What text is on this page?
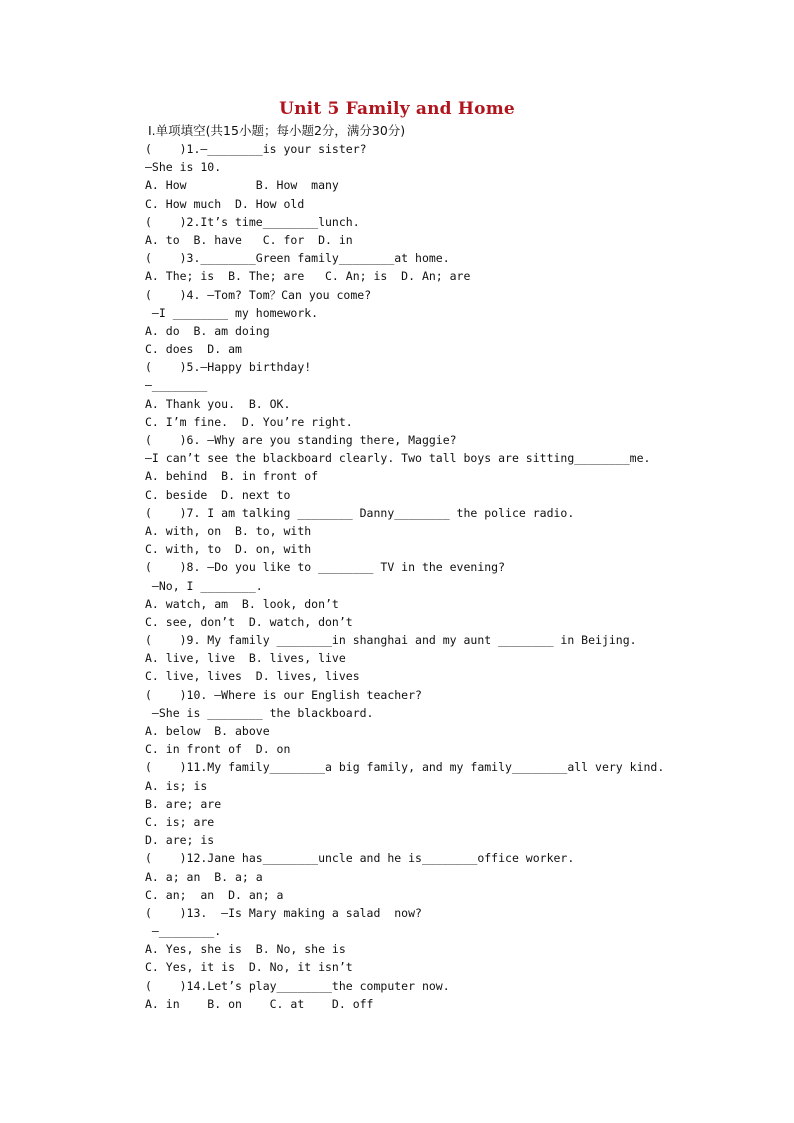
Unit 5 Family and Home
Ⅰ.单项填空(共15小题；每小题2分，满分30分)
(    )1.—________is your sister?
—She is 10.
A. How          B. How  many
C. How much  D. How old
(    )2.It’s time________lunch.
A. to  B. have   C. for  D. in
(    )3.________Green family________at home.
A. The; is  B. The; are   C. An; is  D. An; are
(    )4. —Tom? Tom？Can you come?
—I ________ my homework.
A. do  B. am doing
C. does  D. am
(    )5.—Happy birthday!
—________
A. Thank you.  B. OK.
C. I’m fine.  D. You’re right.
(    )6. —Why are you standing there, Maggie?
—I can’t see the blackboard clearly. Two tall boys are sitting________me.
A. behind  B. in front of
C. beside  D. next to
(    )7. I am talking ________ Danny________ the police radio.
A. with, on  B. to, with
C. with, to  D. on, with
(    )8. —Do you like to ________ TV in the evening?
—No, I ________.
A. watch, am  B. look, don’t
C. see, don’t  D. watch, don’t
(    )9. My family ________in shanghai and my aunt ________ in Beijing.
A. live, live  B. lives, live
C. live, lives  D. lives, lives
(    )10. —Where is our English teacher?
—She is ________ the blackboard.
A. below  B. above
C. in front of  D. on
(    )11.My family________a big family, and my family________all very kind.
A. is; is
B. are; are
C. is; are
D. are; is
(    )12.Jane has________uncle and he is________office worker.
A. a; an  B. a; a
C. an;  an  D. an; a
(    )13.  —Is Mary making a salad  now?
—________.
A. Yes, she is  B. No, she is
C. Yes, it is  D. No, it isn’t
(    )14.Let’s play________the computer now.
A. in    B. on    C. at    D. off
